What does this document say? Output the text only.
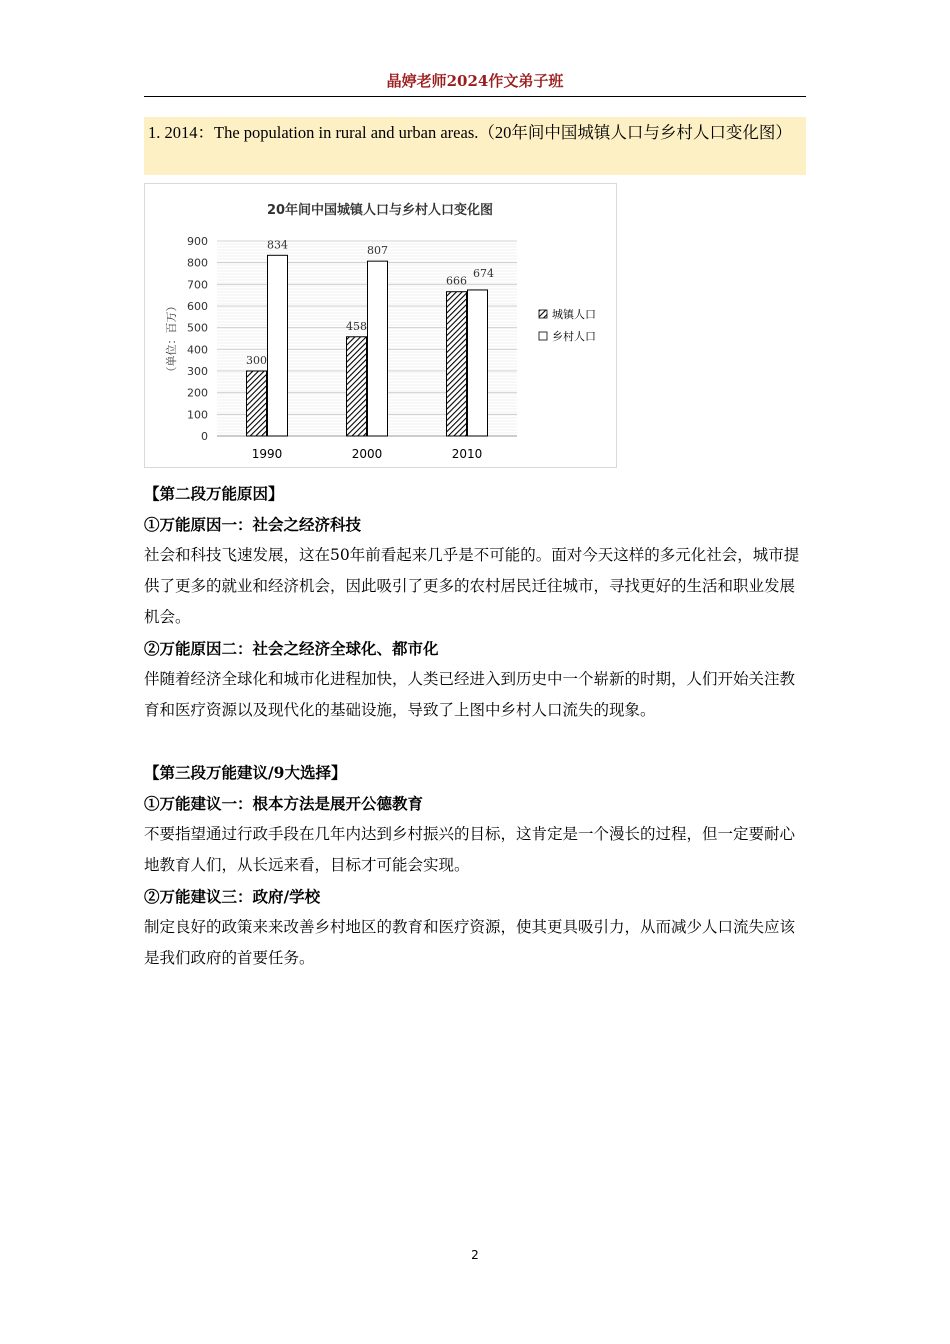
晶婷老师2024作文弟子班
1. 2014：The population in rural and urban areas.（20年间中国城镇人口与乡村人口变化图）
20年间中国城镇人口与乡村人口变化图
（单位：百万）
0
100
200
300
400
500
600
700
800
900
300
834
1990
458
807
2000
666
674
2010
城镇人口
乡村人口

【第二段万能原因】

①万能原因一：社会之经济科技

社会和科技飞速发展，这在50年前看起来几乎是不可能的。面对今天这样的多元化社会，城市提供了更多的就业和经济机会，因此吸引了更多的农村居民迁往城市，寻找更好的生活和职业发展机会。

②万能原因二：社会之经济全球化、都市化

伴随着经济全球化和城市化进程加快，人类已经进入到历史中一个崭新的时期，人们开始关注教育和医疗资源以及现代化的基础设施，导致了上图中乡村人口流失的现象。

【第三段万能建议/9大选择】

①万能建议一：根本方法是展开公德教育

不要指望通过行政手段在几年内达到乡村振兴的目标，这肯定是一个漫长的过程，但一定要耐心地教育人们，从长远来看，目标才可能会实现。

②万能建议三：政府/学校

制定良好的政策来来改善乡村地区的教育和医疗资源，使其更具吸引力，从而减少人口流失应该是我们政府的首要任务。

2
